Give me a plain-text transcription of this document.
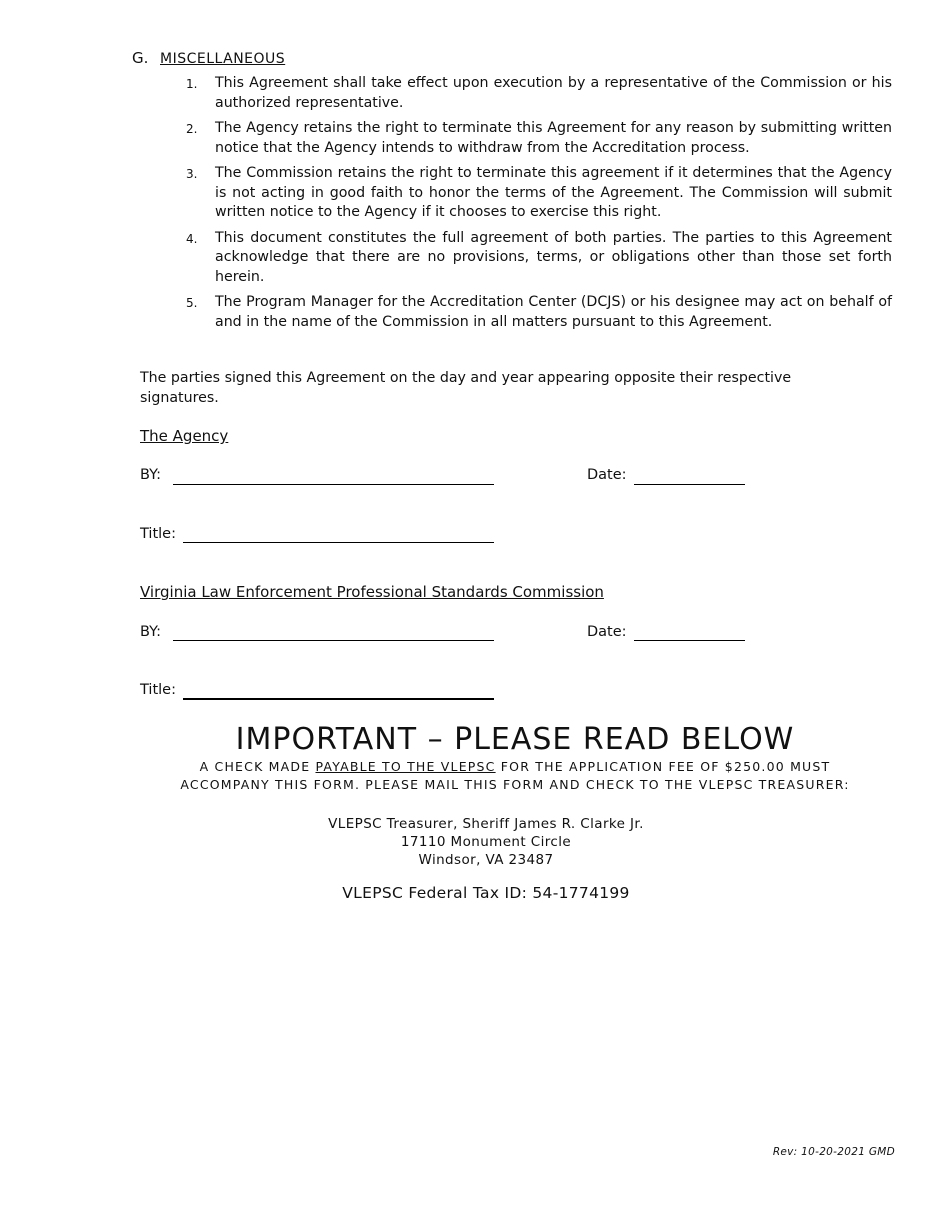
G. MISCELLANEOUS
1.	This Agreement shall take effect upon execution by a representative of the Commission or his authorized representative.
2.	The Agency retains the right to terminate this Agreement for any reason by submitting written notice that the Agency intends to withdraw from the Accreditation process.
3.	The Commission retains the right to terminate this agreement if it determines that the Agency is not acting in good faith to honor the terms of the Agreement. The Commission will submit written notice to the Agency if it chooses to exercise this right.
4.	This document constitutes the full agreement of both parties. The parties to this Agreement acknowledge that there are no provisions, terms, or obligations other than those set forth herein.
5.	The Program Manager for the Accreditation Center (DCJS) or his designee may act on behalf of and in the name of the Commission in all matters pursuant to this Agreement.
The parties signed this Agreement on the day and year appearing opposite their respective signatures.
The Agency
BY:	Date:
Title:
Virginia Law Enforcement Professional Standards Commission
BY:	Date:
Title:
IMPORTANT – PLEASE READ BELOW
A CHECK MADE PAYABLE TO THE VLEPSC FOR THE APPLICATION FEE OF $250.00 MUST
ACCOMPANY THIS FORM. PLEASE MAIL THIS FORM AND CHECK TO THE VLEPSC TREASURER:
VLEPSC Treasurer, Sheriff James R. Clarke Jr.
17110 Monument Circle
Windsor, VA 23487
VLEPSC Federal Tax ID: 54-1774199
Rev: 10-20-2021 GMD
